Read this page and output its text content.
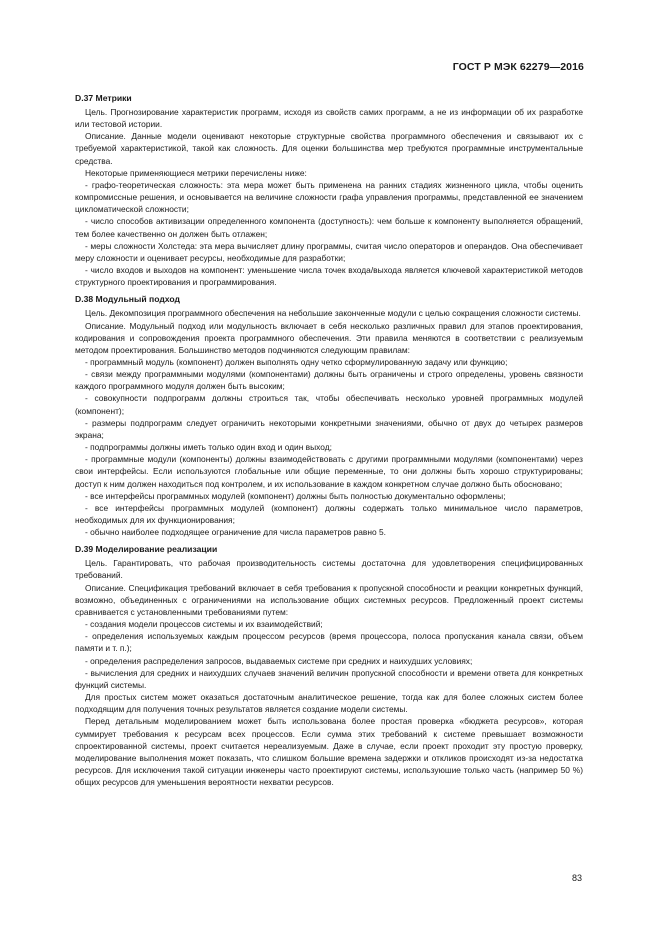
ГОСТ Р МЭК 62279—2016
D.37 Метрики

Цель. Прогнозирование характеристик программ, исходя из свойств самих программ, а не из информации об их разработке или тестовой истории.

Описание. Данные модели оценивают некоторые структурные свойства программного обеспечения и связывают их с требуемой характеристикой, такой как сложность. Для оценки большинства мер требуются программные инструментальные средства.

Некоторые применяющиеся метрики перечислены ниже:

- графо-теоретическая сложность: эта мера может быть применена на ранних стадиях жизненного цикла, чтобы оценить компромиссные решения, и основывается на величине сложности графа управления программы, представленной ее значением цикломатической сложности;

- число способов активизации определенного компонента (доступность): чем больше к компоненту выполняется обращений, тем более качественно он должен быть отлажен;

- меры сложности Холстеда: эта мера вычисляет длину программы, считая число операторов и операндов. Она обеспечивает меру сложности и оценивает ресурсы, необходимые для разработки;

- число входов и выходов на компонент: уменьшение числа точек входа/выхода является ключевой характеристикой методов структурного проектирования и программирования.

D.38 Модульный подход

Цель. Декомпозиция программного обеспечения на небольшие законченные модули с целью сокращения сложности системы.

Описание. Модульный подход или модульность включает в себя несколько различных правил для этапов проектирования, кодирования и сопровождения проекта программного обеспечения. Эти правила меняются в соответствии с реализуемым методом проектирования. Большинство методов подчиняются следующим правилам:

- программный модуль (компонент) должен выполнять одну четко сформулированную задачу или функцию;

- связи между программными модулями (компонентами) должны быть ограничены и строго определены, уровень связности каждого программного модуля должен быть высоким;

- совокупности подпрограмм должны строиться так, чтобы обеспечивать несколько уровней программных модулей (компонент);

- размеры подпрограмм следует ограничить некоторыми конкретными значениями, обычно от двух до четырех размеров экрана;

- подпрограммы должны иметь только один вход и один выход;

- программные модули (компоненты) должны взаимодействовать с другими программными модулями (компонентами) через свои интерфейсы. Если используются глобальные или общие переменные, то они должны быть хорошо структурированы; доступ к ним должен находиться под контролем, и их использование в каждом конкретном случае должно быть обосновано;

- все интерфейсы программных модулей (компонент) должны быть полностью документально оформлены;

- все интерфейсы программных модулей (компонент) должны содержать только минимальное число параметров, необходимых для их функционирования;

- обычно наиболее подходящее ограничение для числа параметров равно 5.

D.39 Моделирование реализации

Цель. Гарантировать, что рабочая производительность системы достаточна для удовлетворения специфицированных требований.

Описание. Спецификация требований включает в себя требования к пропускной способности и реакции конкретных функций, возможно, объединенных с ограничениями на использование общих системных ресурсов. Предложенный проект системы сравнивается с установленными требованиями путем:

- создания модели процессов системы и их взаимодействий;

- определения используемых каждым процессом ресурсов (время процессора, полоса пропускания канала связи, объем памяти и т. п.);

- определения распределения запросов, выдаваемых системе при средних и наихудших условиях;

- вычисления для средних и наихудших случаев значений величин пропускной способности и времени ответа для конкретных функций системы.

Для простых систем может оказаться достаточным аналитическое решение, тогда как для более сложных систем более подходящим для получения точных результатов является создание модели системы.

Перед детальным моделированием может быть использована более простая проверка «бюджета ресурсов», которая суммирует требования к ресурсам всех процессов. Если сумма этих требований к системе превышает возможности спроектированной системы, проект считается нереализуемым. Даже в случае, если проект проходит эту простую проверку, моделирование выполнения может показать, что слишком большие времена задержки и откликов происходят из-за недостатка ресурсов. Для исключения такой ситуации инженеры часто проектируют системы, используюшие только часть (например 50 %) общих ресурсов для уменьшения вероятности нехватки ресурсов.

83
